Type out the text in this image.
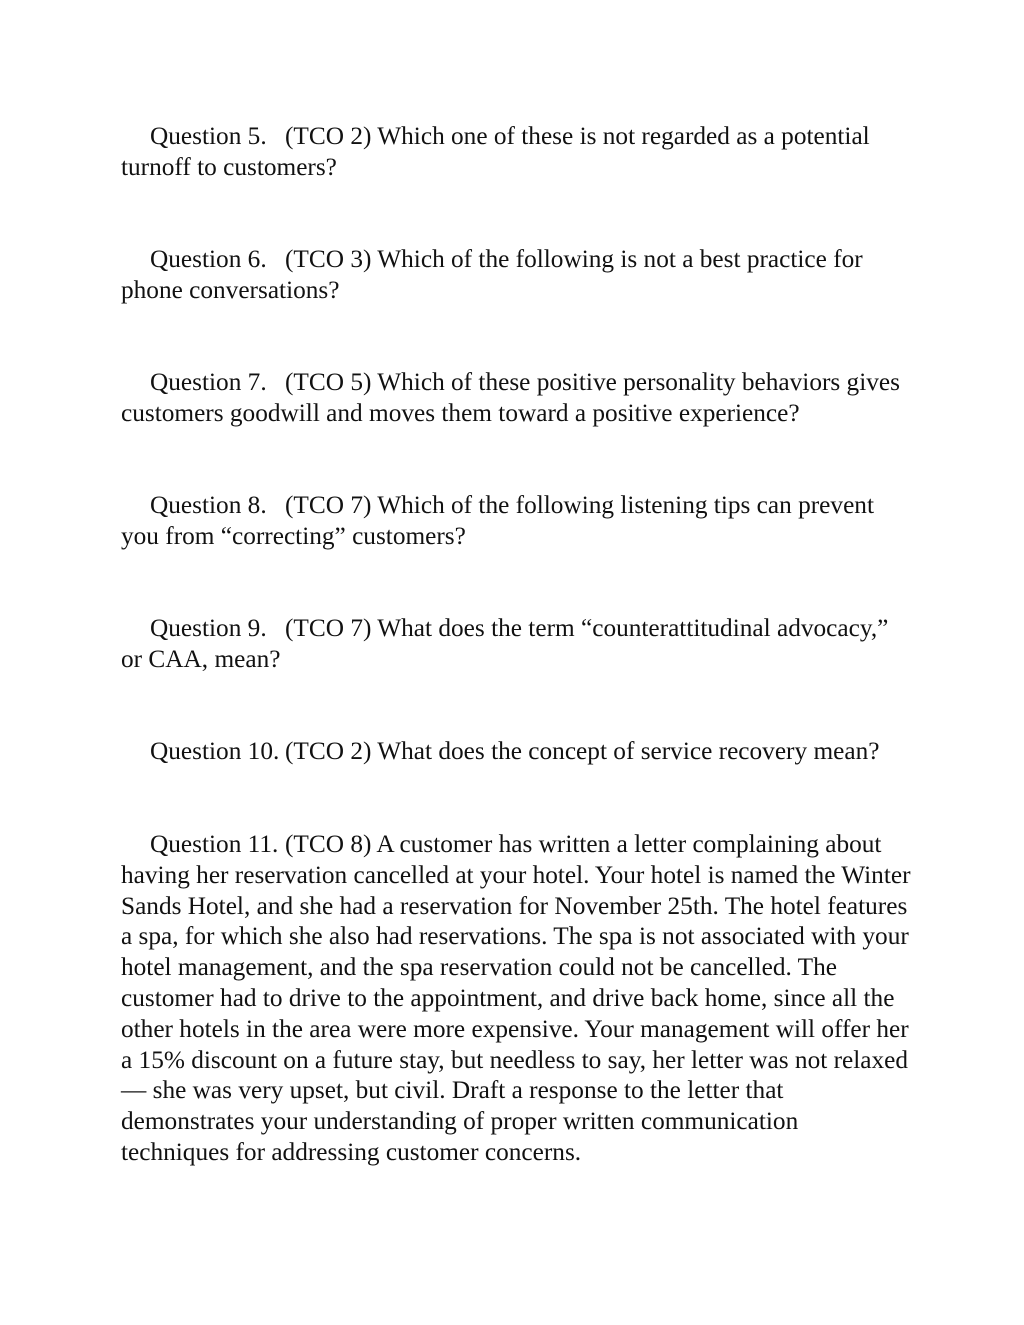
Question 5. (TCO 2) Which one of these is not regarded as a potential turnoff to customers?

Question 6. (TCO 3) Which of the following is not a best practice for phone conversations?

Question 7. (TCO 5) Which of these positive personality behaviors gives customers goodwill and moves them toward a positive experience?

Question 8. (TCO 7) Which of the following listening tips can prevent you from “correcting” customers?

Question 9. (TCO 7) What does the term “counterattitudinal advocacy,” or CAA, mean?

Question 10. (TCO 2) What does the concept of service recovery mean?

Question 11. (TCO 8) A customer has written a letter complaining about having her reservation cancelled at your hotel. Your hotel is named the Winter Sands Hotel, and she had a reservation for November 25th. The hotel features a spa, for which she also had reservations. The spa is not associated with your hotel management, and the spa reservation could not be cancelled. The customer had to drive to the appointment, and drive back home, since all the other hotels in the area were more expensive. Your management will offer her a 15% discount on a future stay, but needless to say, her letter was not relaxed — she was very upset, but civil. Draft a response to the letter that demonstrates your understanding of proper written communication techniques for addressing customer concerns.
